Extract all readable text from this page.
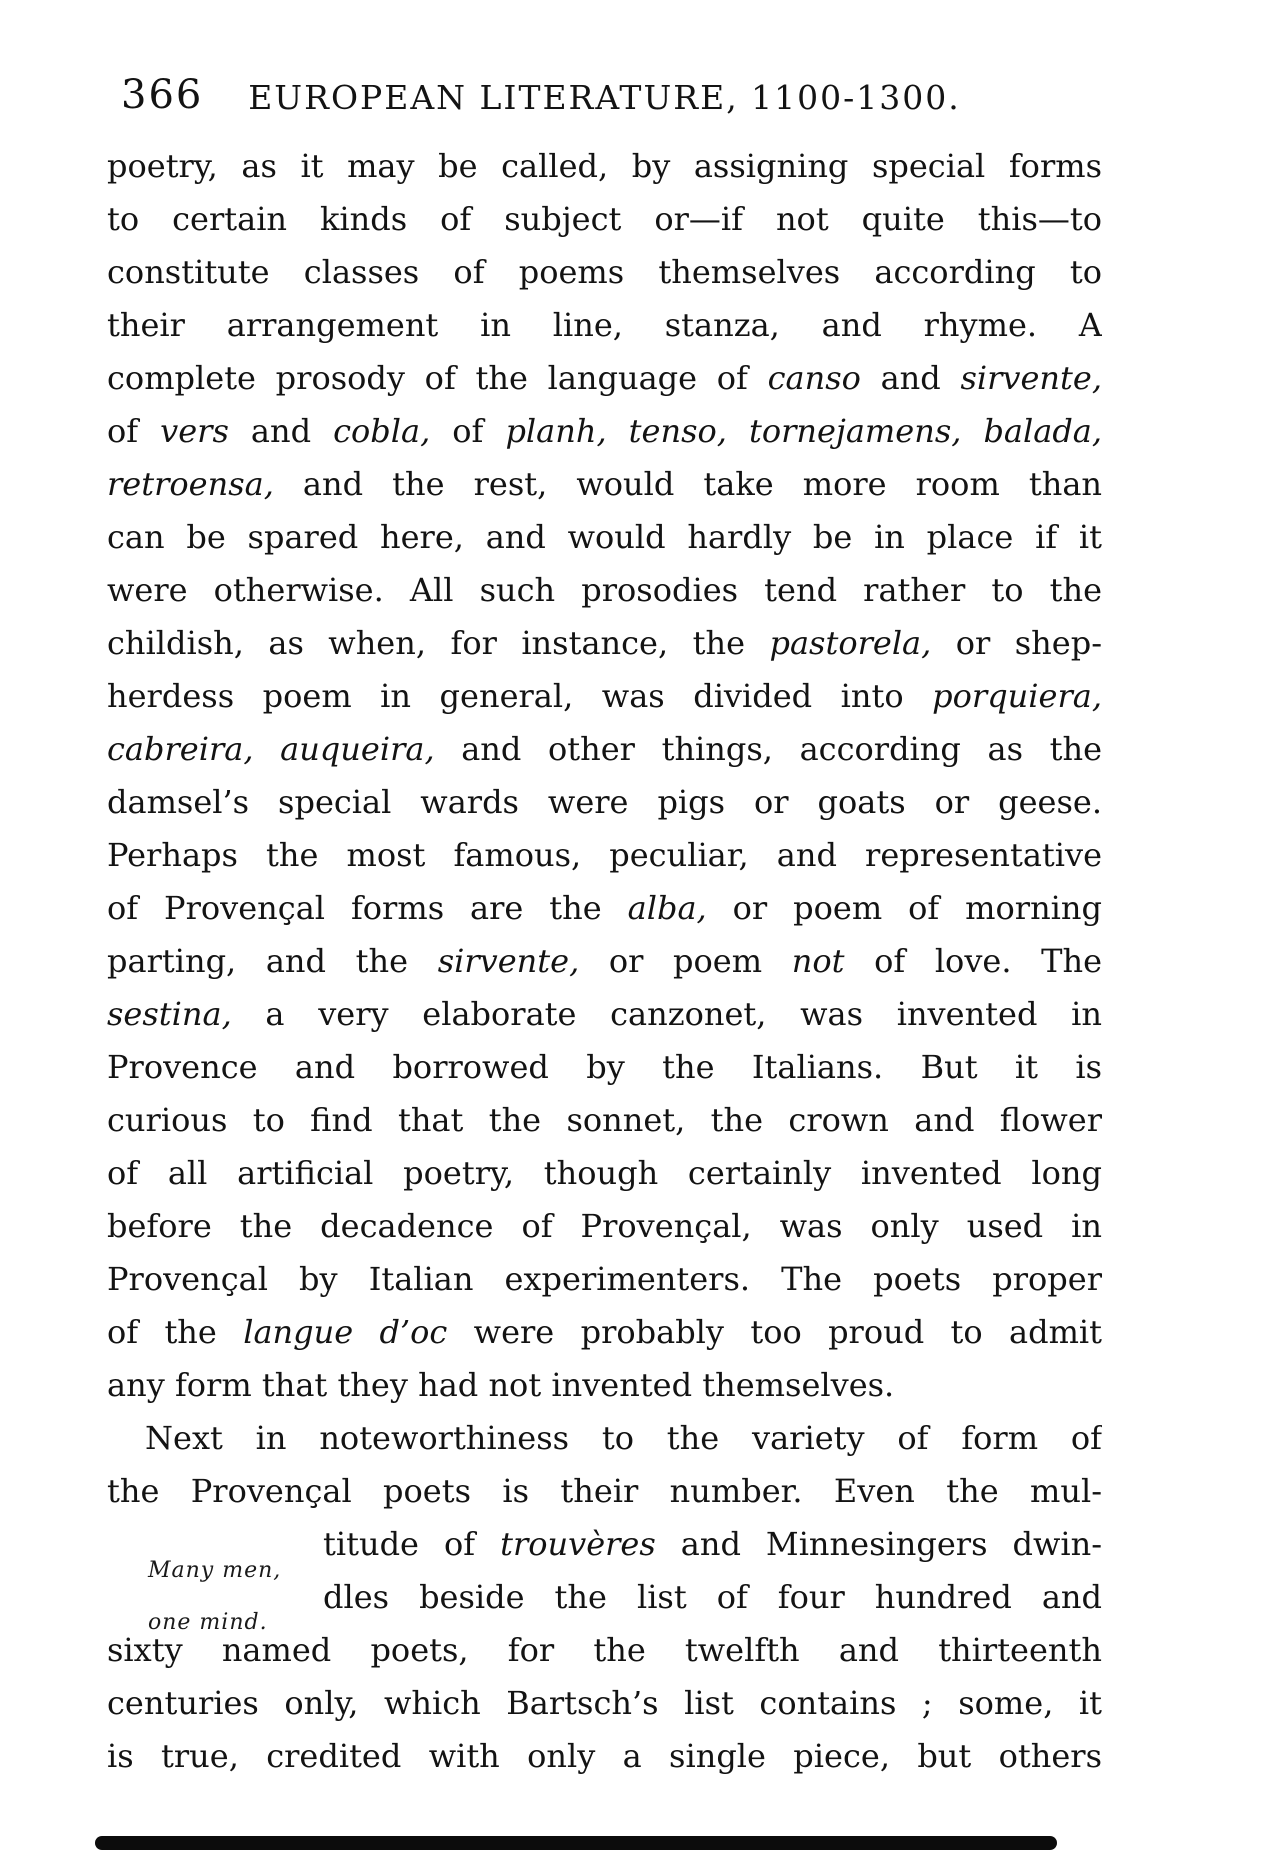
366	EUROPEAN LITERATURE, 1100-1300.
poetry, as it may be called, by assigning special forms
to certain kinds of subject or—if not quite this—to
constitute classes of poems themselves according to
their arrangement in line, stanza, and rhyme. A
complete prosody of the language of canso and sirvente,
of vers and cobla, of planh, tenso, tornejamens, balada,
retroensa, and the rest, would take more room than
can be spared here, and would hardly be in place if it
were otherwise. All such prosodies tend rather to the
childish, as when, for instance, the pastorela, or shep-
herdess poem in general, was divided into porquiera,
cabreira, auqueira, and other things, according as the
damsel’s special wards were pigs or goats or geese.
Perhaps the most famous, peculiar, and representative
of Provençal forms are the alba, or poem of morning
parting, and the sirvente, or poem not of love. The
sestina, a very elaborate canzonet, was invented in
Provence and borrowed by the Italians. But it is
curious to find that the sonnet, the crown and flower
of all artificial poetry, though certainly invented long
before the decadence of Provençal, was only used in
Provençal by Italian experimenters. The poets proper
of the langue d’oc were probably too proud to admit
any form that they had not invented themselves.
Next in noteworthiness to the variety of form of
the Provençal poets is their number. Even the mul-
titude of trouvères and Minnesingers dwin-
dles beside the list of four hundred and
sixty named poets, for the twelfth and thirteenth
centuries only, which Bartsch’s list contains ; some, it
is true, credited with only a single piece, but others
Many men,
one mind.
